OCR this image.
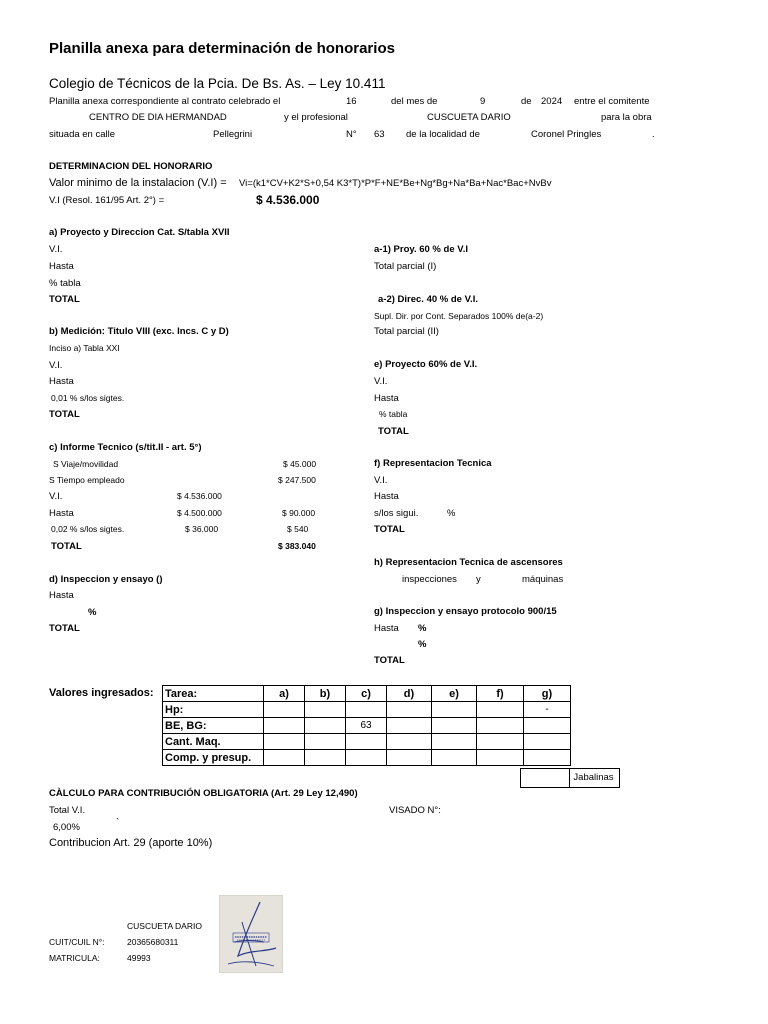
Planilla anexa para determinación de honorarios
Colegio de Técnicos de la Pcia. De Bs. As. – Ley 10.411
Planilla anexa correspondiente al contrato celebrado el	16	del mes de	9	de 2024 entre el comitente
CENTRO DE DIA HERMANDAD	y el profesional	CUSCUETA DARIO	para la obra
situada en calle	Pellegrini	N° 63 de la localidad de	Coronel Pringles	.
DETERMINACION DEL HONORARIO
Valor minimo de la instalacion (V.I) = Vi=(k1*CV+K2*S+0,54 K3*T)*P*F+NE*Be+Ng*Bg+Na*Ba+Nac*Bac+NvBv
V.I (Resol. 161/95 Art. 2°) =	$ 4.536.000
a) Proyecto y Direccion Cat. S/tabla XVII
V.I.
Hasta
% tabla
TOTAL
a-1) Proy. 60 % de V.I
Total parcial (I)
a-2) Direc. 40 % de V.I.
Supl. Dir. por Cont. Separados 100% de(a-2)
Total parcial (II)
b) Medición: Titulo VIII (exc. Incs. C y D)
Inciso a) Tabla XXI
V.I.
Hasta
0,01 % s/los sigtes.
TOTAL
e) Proyecto 60% de V.I.
V.I.
Hasta
% tabla
TOTAL
c) Informe Tecnico (s/tit.II - art. 5°)
S Viaje/movilidad	$ 45.000
S Tiempo empleado	$ 247.500
V.I.	$ 4.536.000
Hasta	$ 4.500.000	$ 90.000
0,02 % s/los sigtes.	$ 36.000	$ 540
TOTAL	$ 383.040
f) Representacion Tecnica
V.I.
Hasta
s/los sigui.	%
TOTAL
h) Representacion Tecnica de ascensores
inspecciones y	máquinas
d) Inspeccion y ensayo ()
Hasta
%
TOTAL
g) Inspeccion y ensayo protocolo 900/15
Hasta %
%
TOTAL
Valores ingresados: Tarea:	a)	b)	c)	d)	e)	f)	g)
Hp:							-
BE, BG:			63				
Cant. Maq.							
Comp. y presup.							
Jabalinas
CÀLCULO PARA CONTRIBUCIÓN OBLIGATORIA (Art. 29 Ley 12,490)
Total V.I.	VISADO N°:
6,00%	`
Contribucion Art. 29 (aporte 10%)
CUSCUETA DARIO
CUIT/CUIL N°:	20365680311
MATRICULA:	49993
